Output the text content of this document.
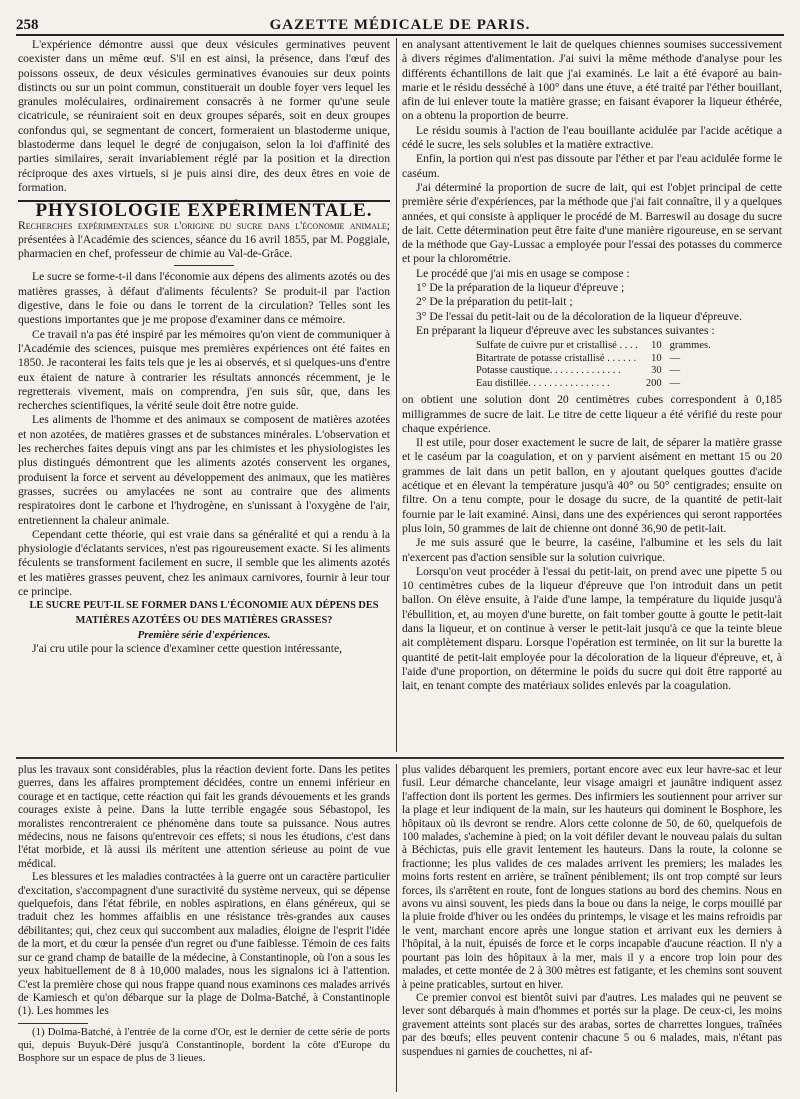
258	GAZETTE MÉDICALE DE PARIS.

L'expérience démontre aussi que deux vésicules germinatives peuvent coexister dans un même œuf. S'il en est ainsi, la présence, dans l'œuf des poissons osseux, de deux vésicules germinatives évanouies sur deux points distincts ou sur un point commun, constituerait un double foyer vers lequel les granules moléculaires, ordinairement consacrés à ne former qu'une seule cicatricule, se réuniraient soit en deux groupes séparés, soit en deux groupes confondus qui, se segmentant de concert, formeraient un blastoderme unique, blastoderme dans lequel le degré de conjugaison, selon la loi d'affinité des parties similaires, serait invariablement réglé par la position et la direction réciproque des axes virtuels, si je puis ainsi dire, des deux êtres en voie de formation.

PHYSIOLOGIE EXPÉRIMENTALE.

Recherches expérimentales sur l'origine du sucre dans l'économie animale; présentées à l'Académie des sciences, séance du 16 avril 1855, par M. Poggiale, pharmacien en chef, professeur de chimie au Val-de-Grâce.

Le sucre se forme-t-il dans l'économie aux dépens des aliments azotés ou des matières grasses, à défaut d'aliments féculents? Se produit-il par l'action digestive, dans le foie ou dans le torrent de la circulation? Telles sont les questions importantes que je me propose d'examiner dans ce mémoire.

Ce travail n'a pas été inspiré par les mémoires qu'on vient de communiquer à l'Académie des sciences, puisque mes premières expériences ont été faites en 1850. Je raconterai les faits tels que je les ai observés, et si quelques-uns d'entre eux étaient de nature à contrarier les résultats annoncés récemment, je le regretterais vivement, mais on comprendra, j'en suis sûr, que, dans les recherches scientifiques, la vérité seule doit être notre guide.

Les aliments de l'homme et des animaux se composent de matières azotées et non azotées, de matières grasses et de substances minérales. L'observation et les recherches faites depuis vingt ans par les chimistes et les physiologistes les plus distingués démontrent que les aliments azotés conservent les organes, produisent la force et servent au développement des animaux, que les matières grasses, sucrées ou amylacées ne sont au contraire que des aliments respiratoires dont le carbone et l'hydrogène, en s'unissant à l'oxygène de l'air, entretiennent la chaleur animale.

Cependant cette théorie, qui est vraie dans sa généralité et qui a rendu à la physiologie d'éclatants services, n'est pas rigoureusement exacte. Si les aliments féculents se transforment facilement en sucre, il semble que les aliments azotés et les matières grasses peuvent, chez les animaux carnivores, fournir à leur tour ce principe.

LE SUCRE PEUT-IL SE FORMER DANS L'ÉCONOMIE AUX DÉPENS DES MATIÈRES AZOTÉES OU DES MATIÈRES GRASSES?

Première série d'expériences.

J'ai cru utile pour la science d'examiner cette question intéressante,

en analysant attentivement le lait de quelques chiennes soumises successivement à divers régimes d'alimentation. J'ai suivi la même méthode d'analyse pour les différents échantillons de lait que j'ai examinés. Le lait a été évaporé au bain-marie et le résidu desséché à 100° dans une étuve, a été traité par l'éther bouillant, afin de lui enlever toute la matière grasse; en faisant évaporer la liqueur éthérée, on a obtenu la proportion de beurre.

Le résidu soumis à l'action de l'eau bouillante acidulée par l'acide acétique a cédé le sucre, les sels solubles et la matière extractive.

Enfin, la portion qui n'est pas dissoute par l'éther et par l'eau acidulée forme le caséum.

J'ai déterminé la proportion de sucre de lait, qui est l'objet principal de cette première série d'expériences, par la méthode que j'ai fait connaître, il y a quelques années, et qui consiste à appliquer le procédé de M. Barreswil au dosage du sucre de lait. Cette détermination peut être faite d'une manière rigoureuse, en se servant de la méthode que Gay-Lussac a employée pour l'essai des potasses du commerce et pour la chlorométrie.

Le procédé que j'ai mis en usage se compose :

1° De la préparation de la liqueur d'épreuve ;

2° De la préparation du petit-lait ;

3° De l'essai du petit-lait ou de la décoloration de la liqueur d'épreuve.

En préparant la liqueur d'épreuve avec les substances suivantes :

Sulfate de cuivre pur et cristallisé . . . .	10	grammes.
Bitartrate de potasse cristallisé . . . . . .	10	—
Potasse caustique. . . . . . . . . . . . . .	30	—
Eau distillée. . . . . . . . . . . . . . . .	200	—

on obtient une solution dont 20 centimètres cubes correspondent à 0,185 milligrammes de sucre de lait. Le titre de cette liqueur a été vérifié du reste pour chaque expérience.

Il est utile, pour doser exactement le sucre de lait, de séparer la matière grasse et le caséum par la coagulation, et on y parvient aisément en mettant 15 ou 20 grammes de lait dans un petit ballon, en y ajoutant quelques gouttes d'acide acétique et en élevant la température jusqu'à 40° ou 50° centigrades; ensuite on filtre. On a tenu compte, pour le dosage du sucre, de la quantité de petit-lait fournie par le lait examiné. Ainsi, dans une des expériences qui seront rapportées plus loin, 50 grammes de lait de chienne ont donné 36,90 de petit-lait.

Je me suis assuré que le beurre, la caséine, l'albumine et les sels du lait n'exercent pas d'action sensible sur la solution cuivrique.

Lorsqu'on veut procéder à l'essai du petit-lait, on prend avec une pipette 5 ou 10 centimètres cubes de la liqueur d'épreuve que l'on introduit dans un petit ballon. On élève ensuite, à l'aide d'une lampe, la température du liquide jusqu'à l'ébullition, et, au moyen d'une burette, on fait tomber goutte à goutte le petit-lait dans la liqueur, et on continue à verser le petit-lait jusqu'à ce que la teinte bleue ait complètement disparu. Lorsque l'opération est terminée, on lit sur la burette la quantité de petit-lait employée pour la décoloration de la liqueur d'épreuve, et, à l'aide d'une proportion, on détermine le poids du sucre qui doit être rapporté au lait, en tenant compte des matériaux solides enlevés par la coagulation.

plus les travaux sont considérables, plus la réaction devient forte. Dans les petites guerres, dans les affaires promptement décidées, contre un ennemi inférieur en courage et en tactique, cette réaction qui fait les grands dévouements et les grands courages existe à peine. Dans la lutte terrible engagée sous Sébastopol, les moralistes rencontreraient ce phénomène dans toute sa puissance. Nous autres médecins, nous ne faisons qu'entrevoir ces effets; si nous les étudions, c'est dans l'état morbide, et là aussi ils méritent une attention sérieuse au point de vue médical.

Les blessures et les maladies contractées à la guerre ont un caractère particulier d'excitation, s'accompagnent d'une suractivité du système nerveux, qui se dépense quelquefois, dans l'état fébrile, en nobles aspirations, en élans généreux, qui se traduit chez les hommes affaiblis en une résistance très-grandes aux causes débilitantes; qui, chez ceux qui succombent aux maladies, éloigne de l'esprit l'idée de la mort, et du cœur la pensée d'un regret ou d'une faiblesse. Témoin de ces faits sur ce grand champ de bataille de la médecine, à Constantinople, où l'on a sous les yeux habituellement de 8 à 10,000 malades, nous les signalons ici à l'attention. C'est la première chose qui nous frappe quand nous examinons ces malades arrivés de Kamiesch et qu'on débarque sur la plage de Dolma-Batché, à Constantinople (1). Les hommes les

(1) Dolma-Batché, à l'entrée de la corne d'Or, est le dernier de cette série de ports qui, depuis Buyuk-Déré jusqu'à Constantinople, bordent la côte d'Europe du Bosphore sur un espace de plus de 3 lieues.

plus valides débarquent les premiers, portant encore avec eux leur havre-sac et leur fusil. Leur démarche chancelante, leur visage amaigri et jaunâtre indiquent assez l'affection dont ils portent les germes. Des infirmiers les soutiennent pour arriver sur la plage et leur indiquent de la main, sur les hauteurs qui dominent le Bosphore, les hôpitaux où ils devront se rendre. Alors cette colonne de 50, de 60, quelquefois de 100 malades, s'achemine à pied; on la voit défiler devant le nouveau palais du sultan à Béchictas, puis elle gravit lentement les hauteurs. Dans la route, la colonne se fractionne; les plus valides de ces malades arrivent les premiers; les malades les moins forts restent en arrière, se traînent péniblement; ils ont trop compté sur leurs forces, ils s'arrêtent en route, font de longues stations au bord des chemins. Nous en avons vu ainsi souvent, les pieds dans la boue ou dans la neige, le corps mouillé par la pluie froide d'hiver ou les ondées du printemps, le visage et les mains refroidis par le vent, marchant encore après une longue station et arrivant eux les derniers à l'hôpital, à la nuit, épuisés de force et le corps incapable d'aucune réaction. Il n'y a pourtant pas loin des hôpitaux à la mer, mais il y a encore trop loin pour des malades, et cette montée de 2 à 300 mètres est fatigante, et les chemins sont souvent à peine praticables, surtout en hiver.

Ce premier convoi est bientôt suivi par d'autres. Les malades qui ne peuvent se lever sont débarqués à main d'hommes et portés sur la plage. De ceux-ci, les moins gravement atteints sont placés sur des arabas, sortes de charrettes longues, traînées par des bœufs; elles peuvent contenir chacune 5 ou 6 malades, mais, n'étant pas suspendues ni garnies de couchettes, ni af-
